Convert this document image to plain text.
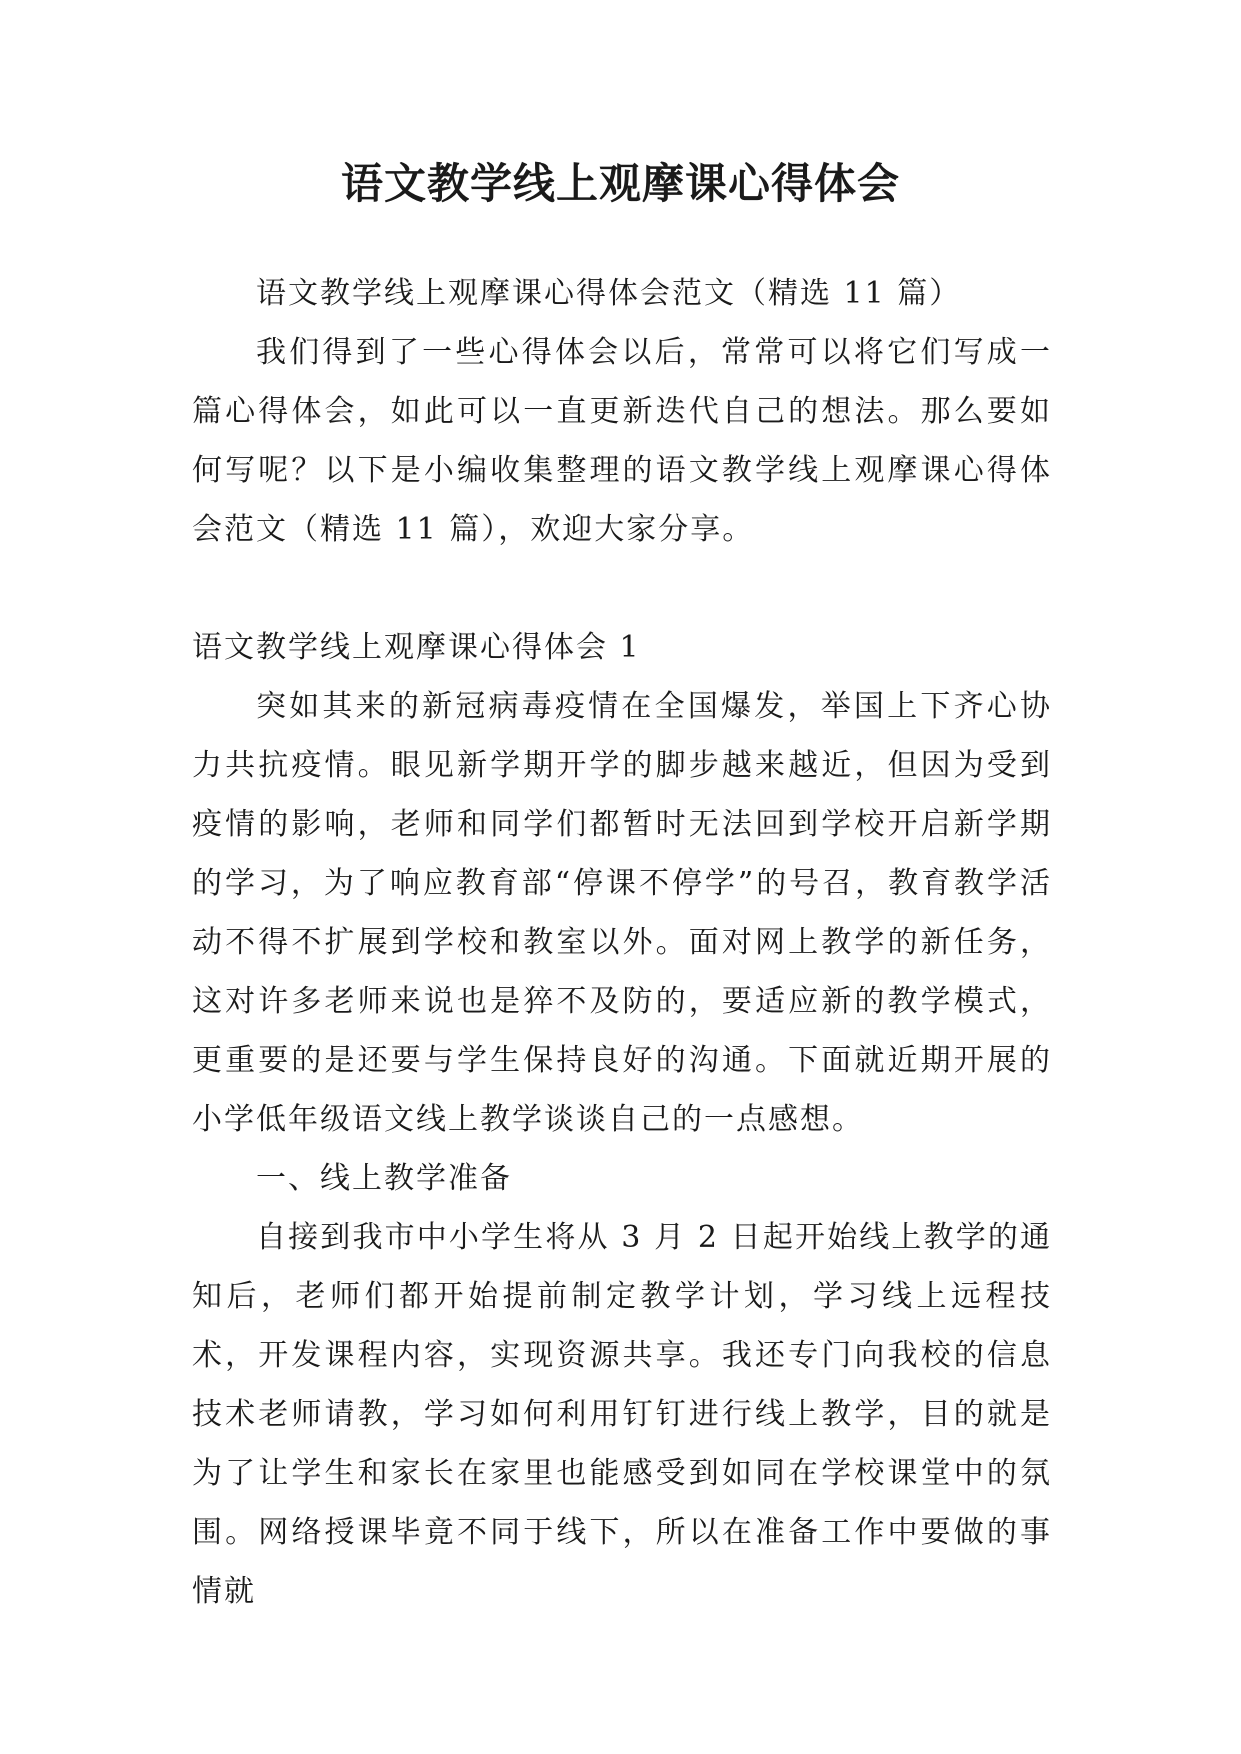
语文教学线上观摩课心得体会

语文教学线上观摩课心得体会范文（精选 11 篇）

我们得到了一些心得体会以后，常常可以将它们写成一篇心得体会，如此可以一直更新迭代自己的想法。那么要如何写呢？以下是小编收集整理的语文教学线上观摩课心得体会范文（精选 11 篇），欢迎大家分享。

语文教学线上观摩课心得体会 1

突如其来的新冠病毒疫情在全国爆发，举国上下齐心协力共抗疫情。眼见新学期开学的脚步越来越近，但因为受到疫情的影响，老师和同学们都暂时无法回到学校开启新学期的学习，为了响应教育部“停课不停学”的号召，教育教学活动不得不扩展到学校和教室以外。面对网上教学的新任务，这对许多老师来说也是猝不及防的，要适应新的教学模式，更重要的是还要与学生保持良好的沟通。下面就近期开展的小学低年级语文线上教学谈谈自己的一点感想。

一、线上教学准备

自接到我市中小学生将从 3 月 2 日起开始线上教学的通知后，老师们都开始提前制定教学计划，学习线上远程技术，开发课程内容，实现资源共享。我还专门向我校的信息技术老师请教，学习如何利用钉钉进行线上教学，目的就是为了让学生和家长在家里也能感受到如同在学校课堂中的氛围。网络授课毕竟不同于线下，所以在准备工作中要做的事情就
